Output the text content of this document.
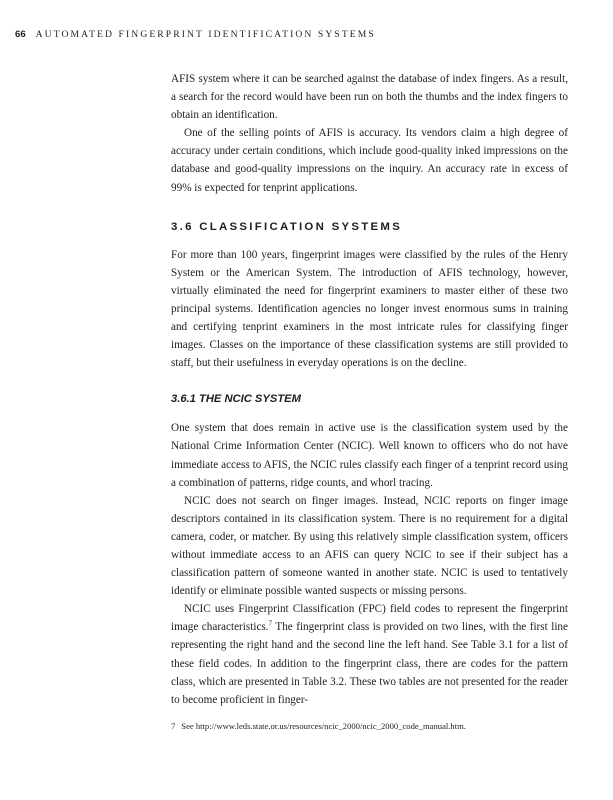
66 AUTOMATED FINGERPRINT IDENTIFICATION SYSTEMS

AFIS system where it can be searched against the database of index fingers. As a result, a search for the record would have been run on both the thumbs and the index fingers to obtain an identification.

One of the selling points of AFIS is accuracy. Its vendors claim a high degree of accuracy under certain conditions, which include good-quality inked impressions on the database and good-quality impressions on the inquiry. An accuracy rate in excess of 99% is expected for tenprint applications.

3.6 CLASSIFICATION SYSTEMS

For more than 100 years, fingerprint images were classified by the rules of the Henry System or the American System. The introduction of AFIS technology, however, virtually eliminated the need for fingerprint examiners to master either of these two principal systems. Identification agencies no longer invest enormous sums in training and certifying tenprint examiners in the most intricate rules for classifying finger images. Classes on the importance of these classification systems are still provided to staff, but their usefulness in everyday operations is on the decline.

3.6.1 THE NCIC SYSTEM

One system that does remain in active use is the classification system used by the National Crime Information Center (NCIC). Well known to officers who do not have immediate access to AFIS, the NCIC rules classify each finger of a tenprint record using a combination of patterns, ridge counts, and whorl tracing.

NCIC does not search on finger images. Instead, NCIC reports on finger image descriptors contained in its classification system. There is no requirement for a digital camera, coder, or matcher. By using this relatively simple classification system, officers without immediate access to an AFIS can query NCIC to see if their subject has a classification pattern of someone wanted in another state. NCIC is used to tentatively identify or eliminate possible wanted suspects or missing persons.

NCIC uses Fingerprint Classification (FPC) field codes to represent the fingerprint image characteristics.$^7$ The fingerprint class is provided on two lines, with the first line representing the right hand and the second line the left hand. See Table 3.1 for a list of these field codes. In addition to the fingerprint class, there are codes for the pattern class, which are presented in Table 3.2. These two tables are not presented for the reader to become proficient in finger-

7 See http://www.leds.state.or.us/resources/ncic_2000/ncic_2000_code_manual.htm.
